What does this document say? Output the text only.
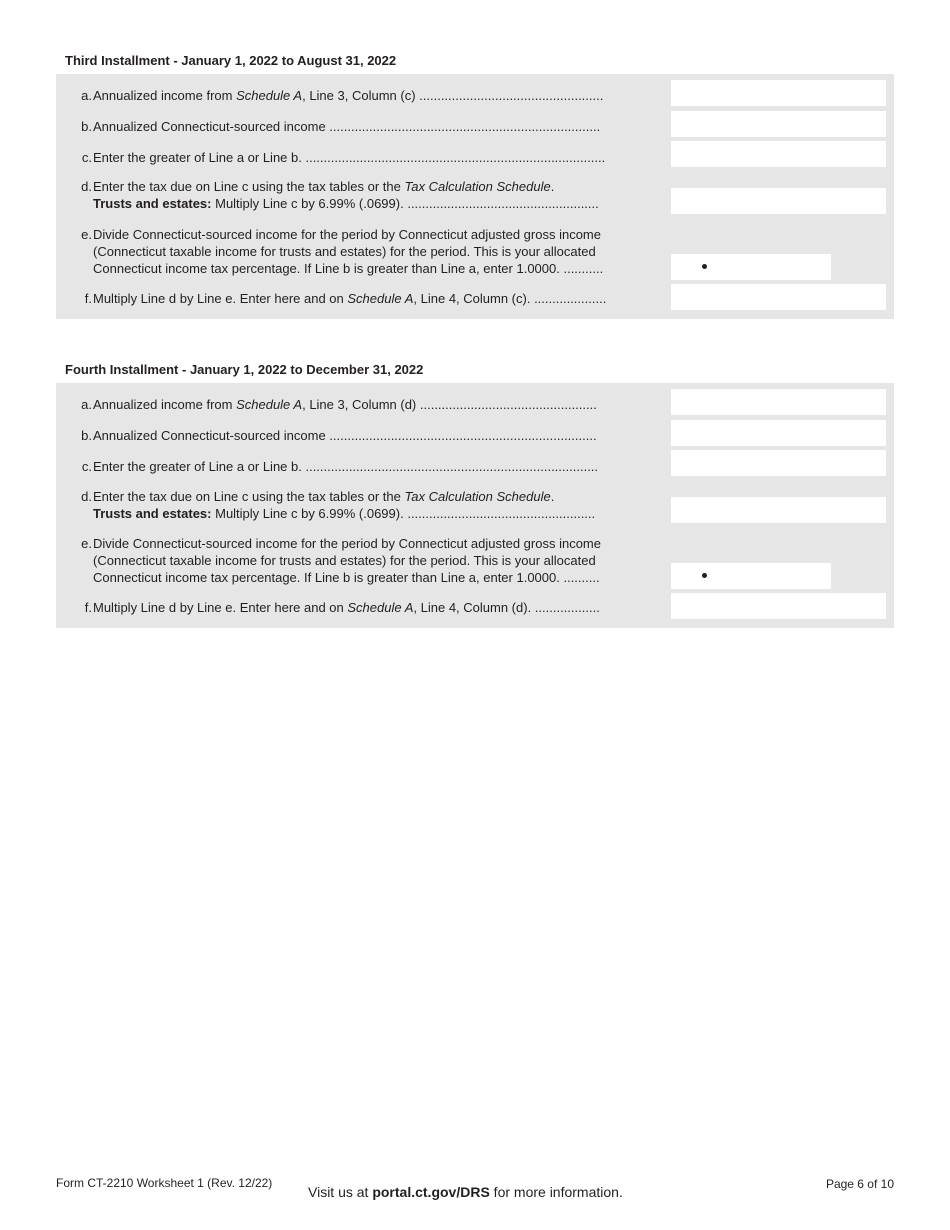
Third Installment - January 1, 2022 to August 31, 2022
a. Annualized income from Schedule A, Line 3, Column (c) ...................................................
b. Annualized Connecticut-sourced income ...........................................................................
c. Enter the greater of Line a or Line b. ...................................................................................
d. Enter the tax due on Line c using the tax tables or the Tax Calculation Schedule.
Trusts and estates: Multiply Line c by 6.99% (.0699). .....................................................
e. Divide Connecticut-sourced income for the period by Connecticut adjusted gross income
(Connecticut taxable income for trusts and estates) for the period. This is your allocated
Connecticut income tax percentage. If Line b is greater than Line a, enter 1.0000. ...........
f. Multiply Line d by Line e. Enter here and on Schedule A, Line 4, Column (c). ....................
Fourth Installment - January 1, 2022 to December 31, 2022
a. Annualized income from Schedule A, Line 3, Column (d) .................................................
b. Annualized Connecticut-sourced income ..........................................................................
c. Enter the greater of Line a or Line b. .................................................................................
d. Enter the tax due on Line c using the tax tables or the Tax Calculation Schedule.
Trusts and estates: Multiply Line c by 6.99% (.0699). ....................................................
e. Divide Connecticut-sourced income for the period by Connecticut adjusted gross income
(Connecticut taxable income for trusts and estates) for the period. This is your allocated
Connecticut income tax percentage. If Line b is greater than Line a, enter 1.0000. ..........
f. Multiply Line d by Line e. Enter here and on Schedule A, Line 4, Column (d). ..................
Form CT-2210 Worksheet 1 (Rev. 12/22)
Visit us at portal.ct.gov/DRS for more information.	Page 6 of 10
